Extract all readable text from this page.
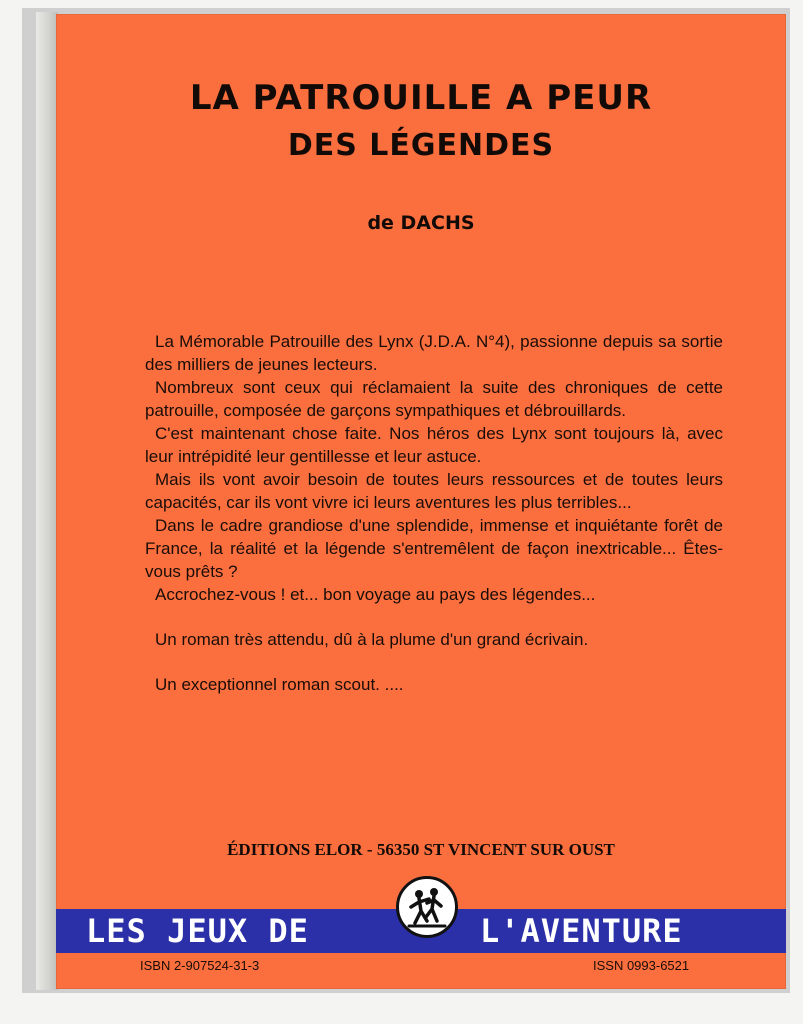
LA PATROUILLE A PEUR
DES LÉGENDES
de DACHS

La Mémorable Patrouille des Lynx (J.D.A. N°4), passionne depuis sa sortie des milliers de jeunes lecteurs.

Nombreux sont ceux qui réclamaient la suite des chroniques de cette patrouille, composée de garçons sympathiques et débrouillards.

C'est maintenant chose faite. Nos héros des Lynx sont toujours là, avec leur intrépidité leur gentillesse et leur astuce.

Mais ils vont avoir besoin de toutes leurs ressources et de toutes leurs capacités, car ils vont vivre ici leurs aventures les plus terribles...

Dans le cadre grandiose d'une splendide, immense et inquiétante forêt de France, la réalité et la légende s'entremêlent de façon inextricable... Êtes-vous prêts ?

Accrochez-vous ! et... bon voyage au pays des légendes...

Un roman très attendu, dû à la plume d'un grand écrivain.

Un exceptionnel roman scout. ....

ÉDITIONS ELOR - 56350 ST VINCENT SUR OUST
LES JEUX DE	L'AVENTURE
ISBN 2-907524-31-3	ISSN 0993-6521
